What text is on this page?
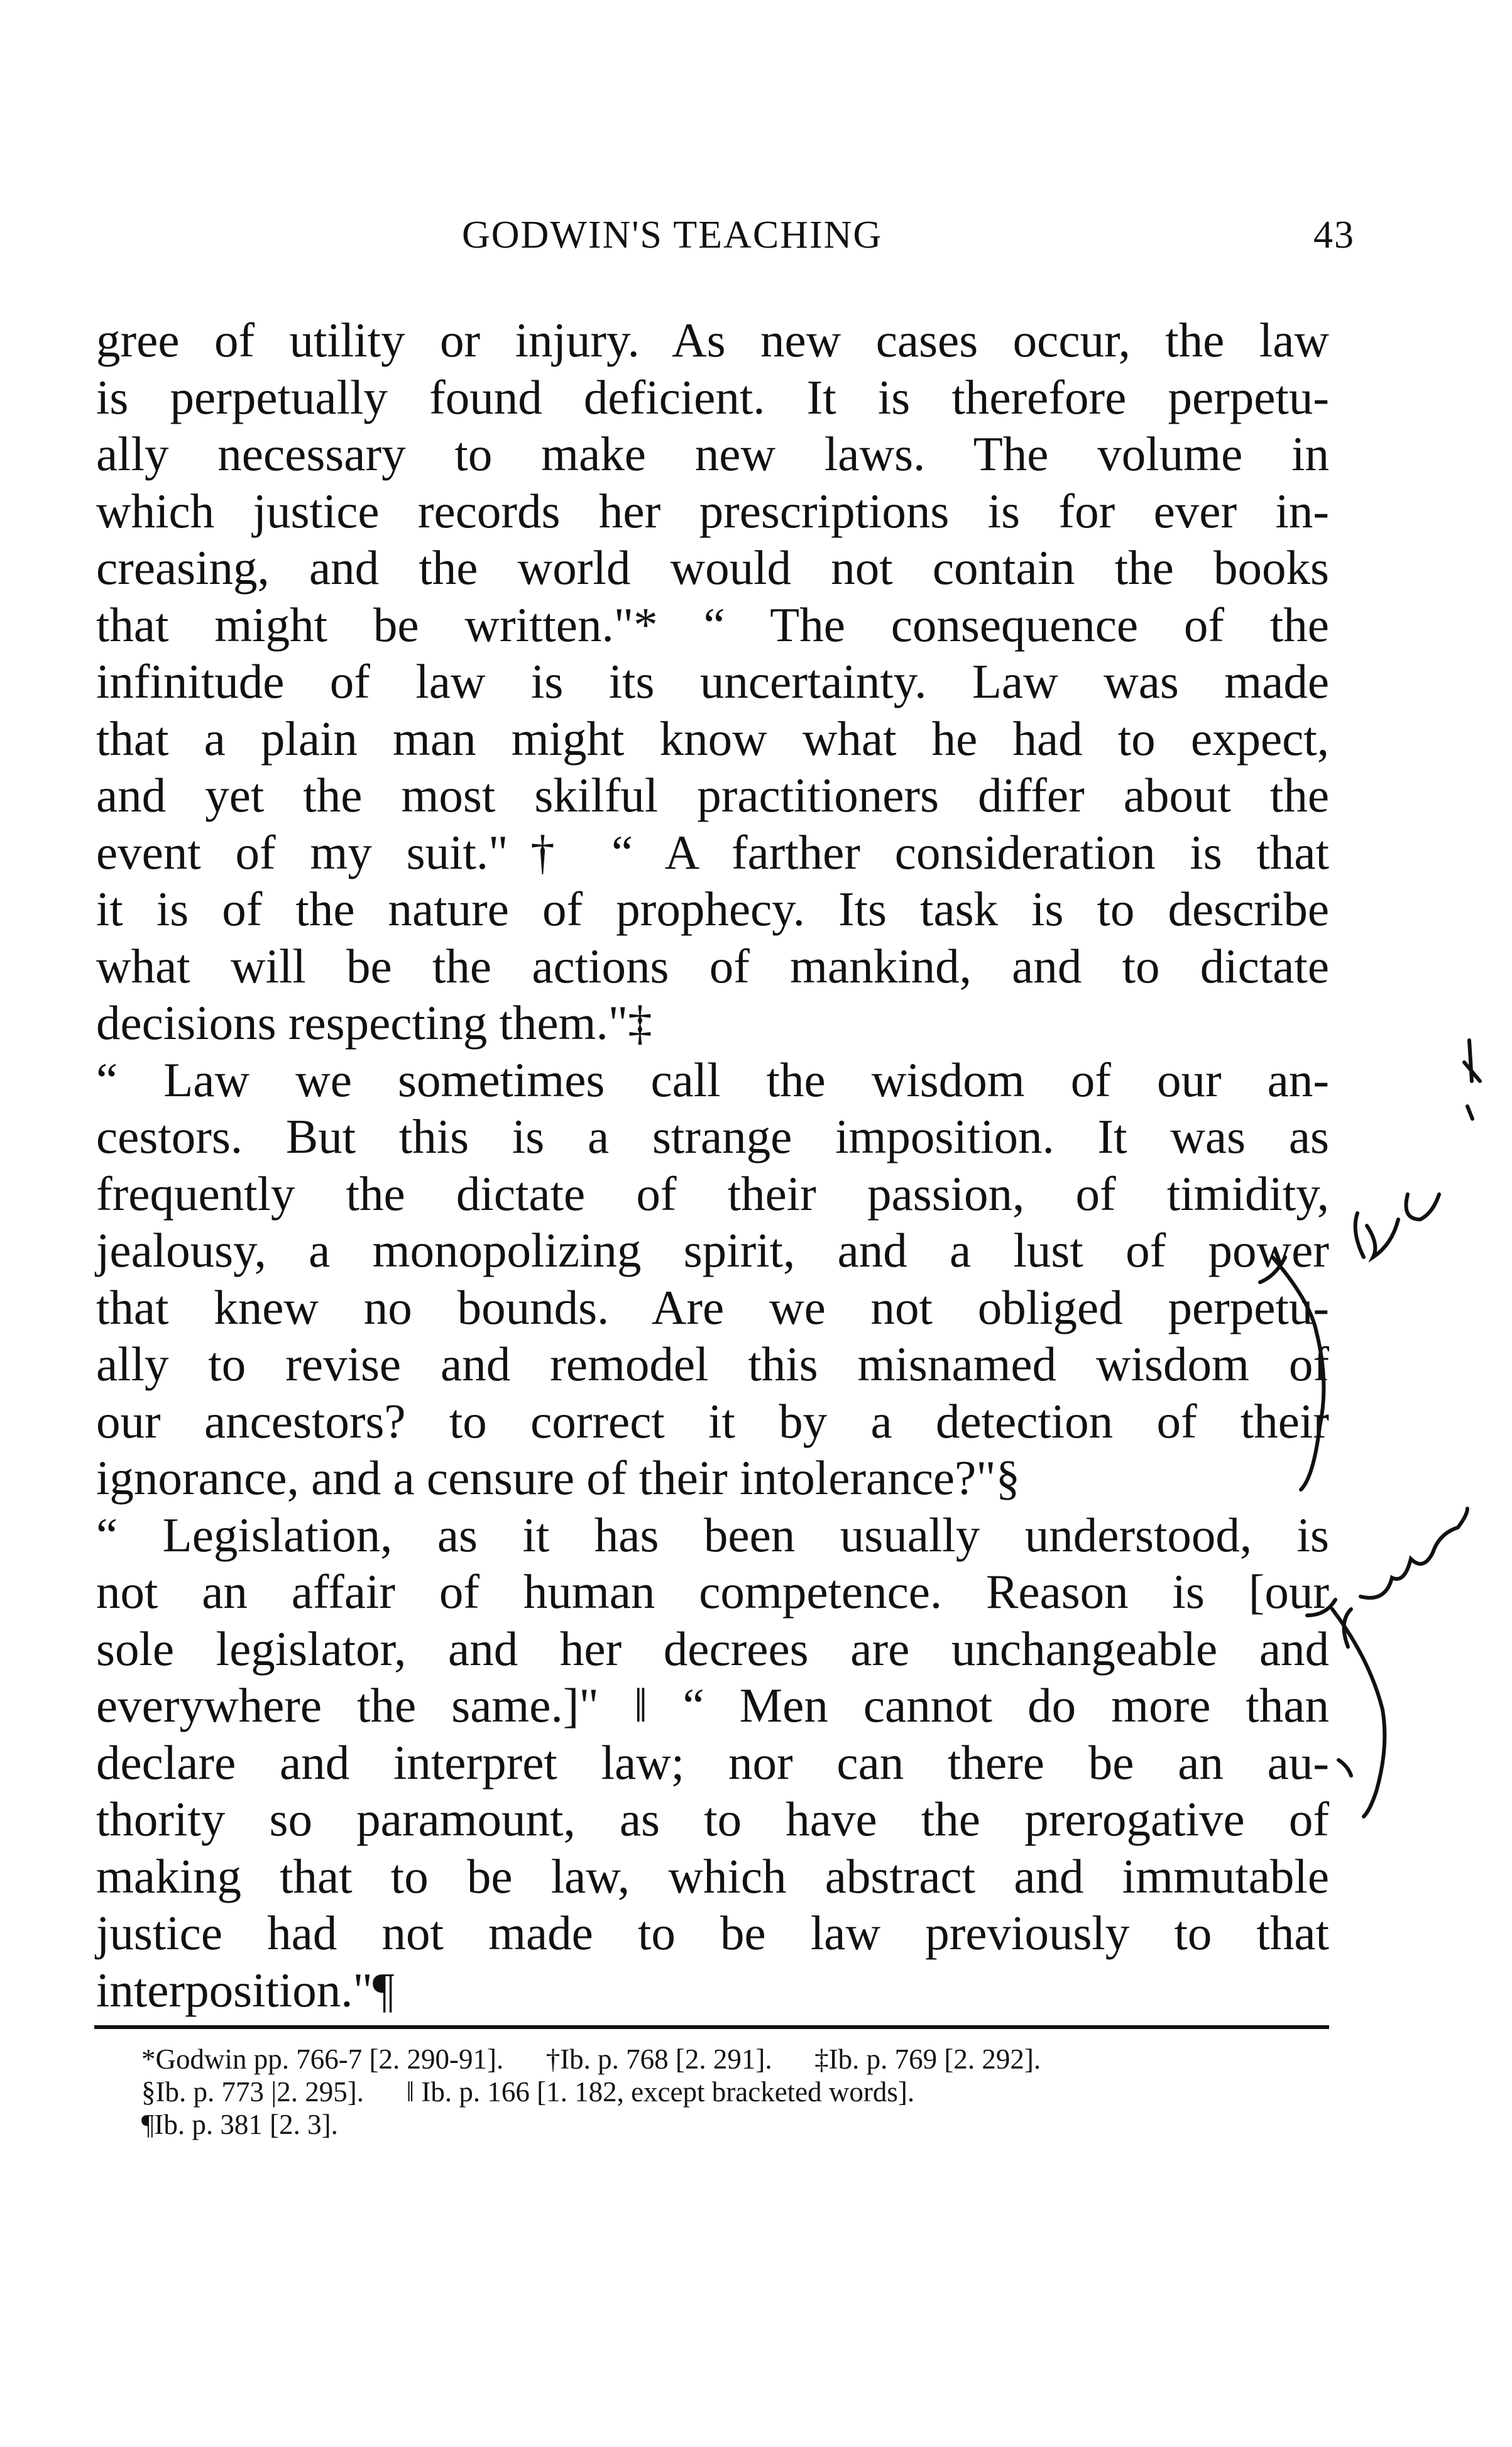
GODWIN'S TEACHING	43
gree of utility or injury. As new cases occur, the law
is perpetually found deficient. It is therefore perpetu-
ally necessary to make new laws. The volume in
which justice records her prescriptions is for ever in-
creasing, and the world would not contain the books
that might be written."* “ The consequence of the
infinitude of law is its uncertainty. Law was made
that a plain man might know what he had to expect,
and yet the most skilful practitioners differ about the
event of my suit."† “ A farther consideration is that
it is of the nature of prophecy. Its task is to describe
what will be the actions of mankind, and to dictate
decisions respecting them."‡
“ Law we sometimes call the wisdom of our an-
cestors. But this is a strange imposition. It was as
frequently the dictate of their passion, of timidity,
jealousy, a monopolizing spirit, and a lust of power
that knew no bounds. Are we not obliged perpetu-
ally to revise and remodel this misnamed wisdom of
our ancestors? to correct it by a detection of their
ignorance, and a censure of their intolerance?"§
“ Legislation, as it has been usually understood, is
not an affair of human competence. Reason is [our
sole legislator, and her decrees are unchangeable and
everywhere the same.]" ‖ “ Men cannot do more than
declare and interpret law; nor can there be an au-
thority so paramount, as to have the prerogative of
making that to be law, which abstract and immutable
justice had not made to be law previously to that
interposition."¶
*Godwin pp. 766-7 [2. 290-91].      †Ib. p. 768 [2. 291].      ‡Ib. p. 769 [2. 292].
§Ib. p. 773 |2. 295].      ‖ Ib. p. 166 [1. 182, except bracketed words].
¶Ib. p. 381 [2. 3].
